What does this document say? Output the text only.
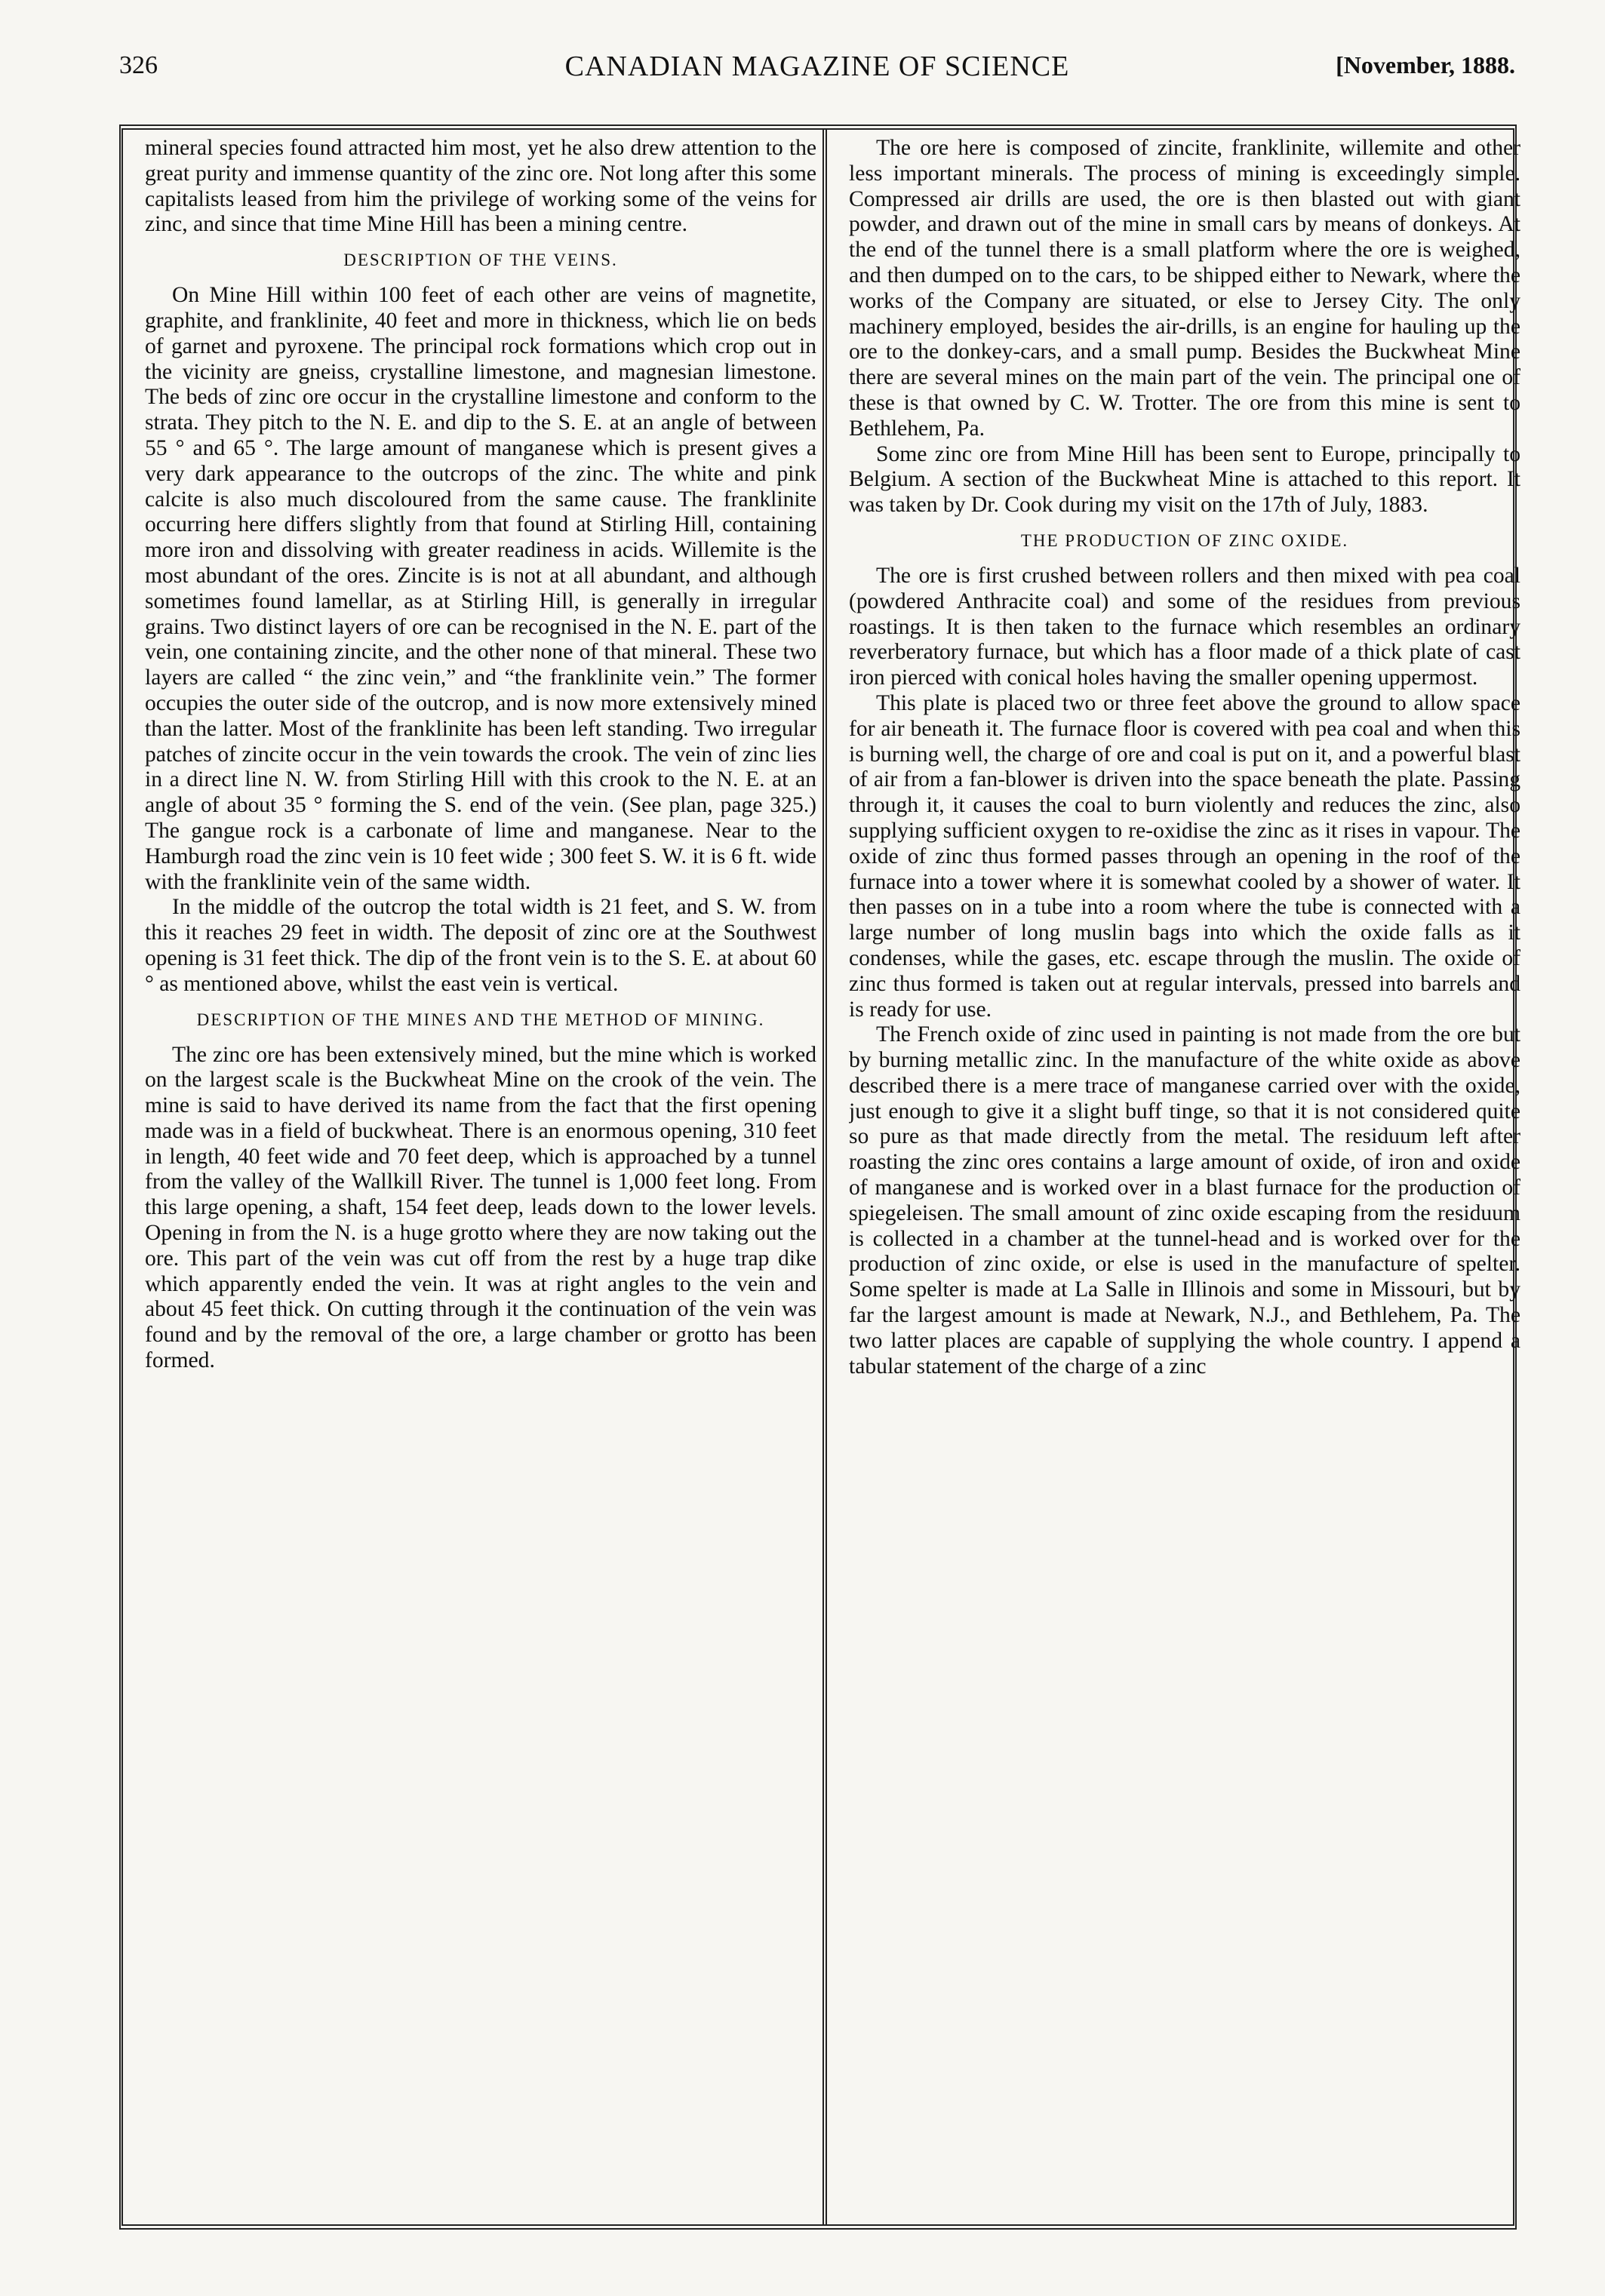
326	CANADIAN MAGAZINE OF SCIENCE	[November, 1888.

mineral species found attracted him most, yet he also drew attention to the great purity and immense quantity of the zinc ore. Not long after this some capitalists leased from him the privilege of working some of the veins for zinc, and since that time Mine Hill has been a mining centre.

DESCRIPTION OF THE VEINS.

On Mine Hill within 100 feet of each other are veins of magnetite, graphite, and franklinite, 40 feet and more in thickness, which lie on beds of garnet and pyroxene. The principal rock formations which crop out in the vicinity are gneiss, crystalline limestone, and magnesian limestone. The beds of zinc ore occur in the crystalline limestone and conform to the strata. They pitch to the N. E. and dip to the S. E. at an angle of between 55 ° and 65 °. The large amount of manganese which is present gives a very dark appearance to the outcrops of the zinc. The white and pink calcite is also much discoloured from the same cause. The franklinite occurring here differs slightly from that found at Stirling Hill, containing more iron and dissolving with greater readiness in acids. Willemite is the most abundant of the ores. Zincite is is not at all abundant, and although sometimes found lamellar, as at Stirling Hill, is generally in irregular grains. Two distinct layers of ore can be recognised in the N. E. part of the vein, one containing zincite, and the other none of that mineral. These two layers are called “ the zinc vein,” and “the franklinite vein.” The former occupies the outer side of the outcrop, and is now more extensively mined than the latter. Most of the franklinite has been left standing. Two irregular patches of zincite occur in the vein towards the crook. The vein of zinc lies in a direct line N. W. from Stirling Hill with this crook to the N. E. at an angle of about 35 ° forming the S. end of the vein. (See plan, page 325.) The gangue rock is a carbonate of lime and manganese. Near to the Hamburgh road the zinc vein is 10 feet wide ; 300 feet S. W. it is 6 ft. wide with the franklinite vein of the same width.

In the middle of the outcrop the total width is 21 feet, and S. W. from this it reaches 29 feet in width. The deposit of zinc ore at the Southwest opening is 31 feet thick. The dip of the front vein is to the S. E. at about 60 ° as mentioned above, whilst the east vein is vertical.

DESCRIPTION OF THE MINES AND THE METHOD OF MINING.

The zinc ore has been extensively mined, but the mine which is worked on the largest scale is the Buckwheat Mine on the crook of the vein. The mine is said to have derived its name from the fact that the first opening made was in a field of buckwheat. There is an enormous opening, 310 feet in length, 40 feet wide and 70 feet deep, which is approached by a tunnel from the valley of the Wallkill River. The tunnel is 1,000 feet long. From this large opening, a shaft, 154 feet deep, leads down to the lower levels. Opening in from the N. is a huge grotto where they are now taking out the ore. This part of the vein was cut off from the rest by a huge trap dike which apparently ended the vein. It was at right angles to the vein and about 45 feet thick. On cutting through it the continuation of the vein was found and by the removal of the ore, a large chamber or grotto has been formed.

The ore here is composed of zincite, franklinite, willemite and other less important minerals. The process of mining is exceedingly simple. Compressed air drills are used, the ore is then blasted out with giant powder, and drawn out of the mine in small cars by means of donkeys. At the end of the tunnel there is a small platform where the ore is weighed, and then dumped on to the cars, to be shipped either to Newark, where the works of the Company are situated, or else to Jersey City. The only machinery employed, besides the air-drills, is an engine for hauling up the ore to the donkey-cars, and a small pump. Besides the Buckwheat Mine there are several mines on the main part of the vein. The principal one of these is that owned by C. W. Trotter. The ore from this mine is sent to Bethlehem, Pa.

Some zinc ore from Mine Hill has been sent to Europe, principally to Belgium. A section of the Buckwheat Mine is attached to this report. It was taken by Dr. Cook during my visit on the 17th of July, 1883.

THE PRODUCTION OF ZINC OXIDE.

The ore is first crushed between rollers and then mixed with pea coal (powdered Anthracite coal) and some of the residues from previous roastings. It is then taken to the furnace which resembles an ordinary reverberatory furnace, but which has a floor made of a thick plate of cast iron pierced with conical holes having the smaller opening uppermost.

This plate is placed two or three feet above the ground to allow space for air beneath it. The furnace floor is covered with pea coal and when this is burning well, the charge of ore and coal is put on it, and a powerful blast of air from a fan-blower is driven into the space beneath the plate. Passing through it, it causes the coal to burn violently and reduces the zinc, also supplying sufficient oxygen to re-oxidise the zinc as it rises in vapour. The oxide of zinc thus formed passes through an opening in the roof of the furnace into a tower where it is somewhat cooled by a shower of water. It then passes on in a tube into a room where the tube is connected with a large number of long muslin bags into which the oxide falls as it condenses, while the gases, etc. escape through the muslin. The oxide of zinc thus formed is taken out at regular intervals, pressed into barrels and is ready for use.

The French oxide of zinc used in painting is not made from the ore but by burning metallic zinc. In the manufacture of the white oxide as above described there is a mere trace of manganese carried over with the oxide, just enough to give it a slight buff tinge, so that it is not considered quite so pure as that made directly from the metal. The residuum left after roasting the zinc ores contains a large amount of oxide, of iron and oxide of manganese and is worked over in a blast furnace for the production of spiegeleisen. The small amount of zinc oxide escaping from the residuum is collected in a chamber at the tunnel-head and is worked over for the production of zinc oxide, or else is used in the manufacture of spelter. Some spelter is made at La Salle in Illinois and some in Missouri, but by far the largest amount is made at Newark, N.J., and Bethlehem, Pa. The two latter places are capable of supplying the whole country. I append a tabular statement of the charge of a zinc
